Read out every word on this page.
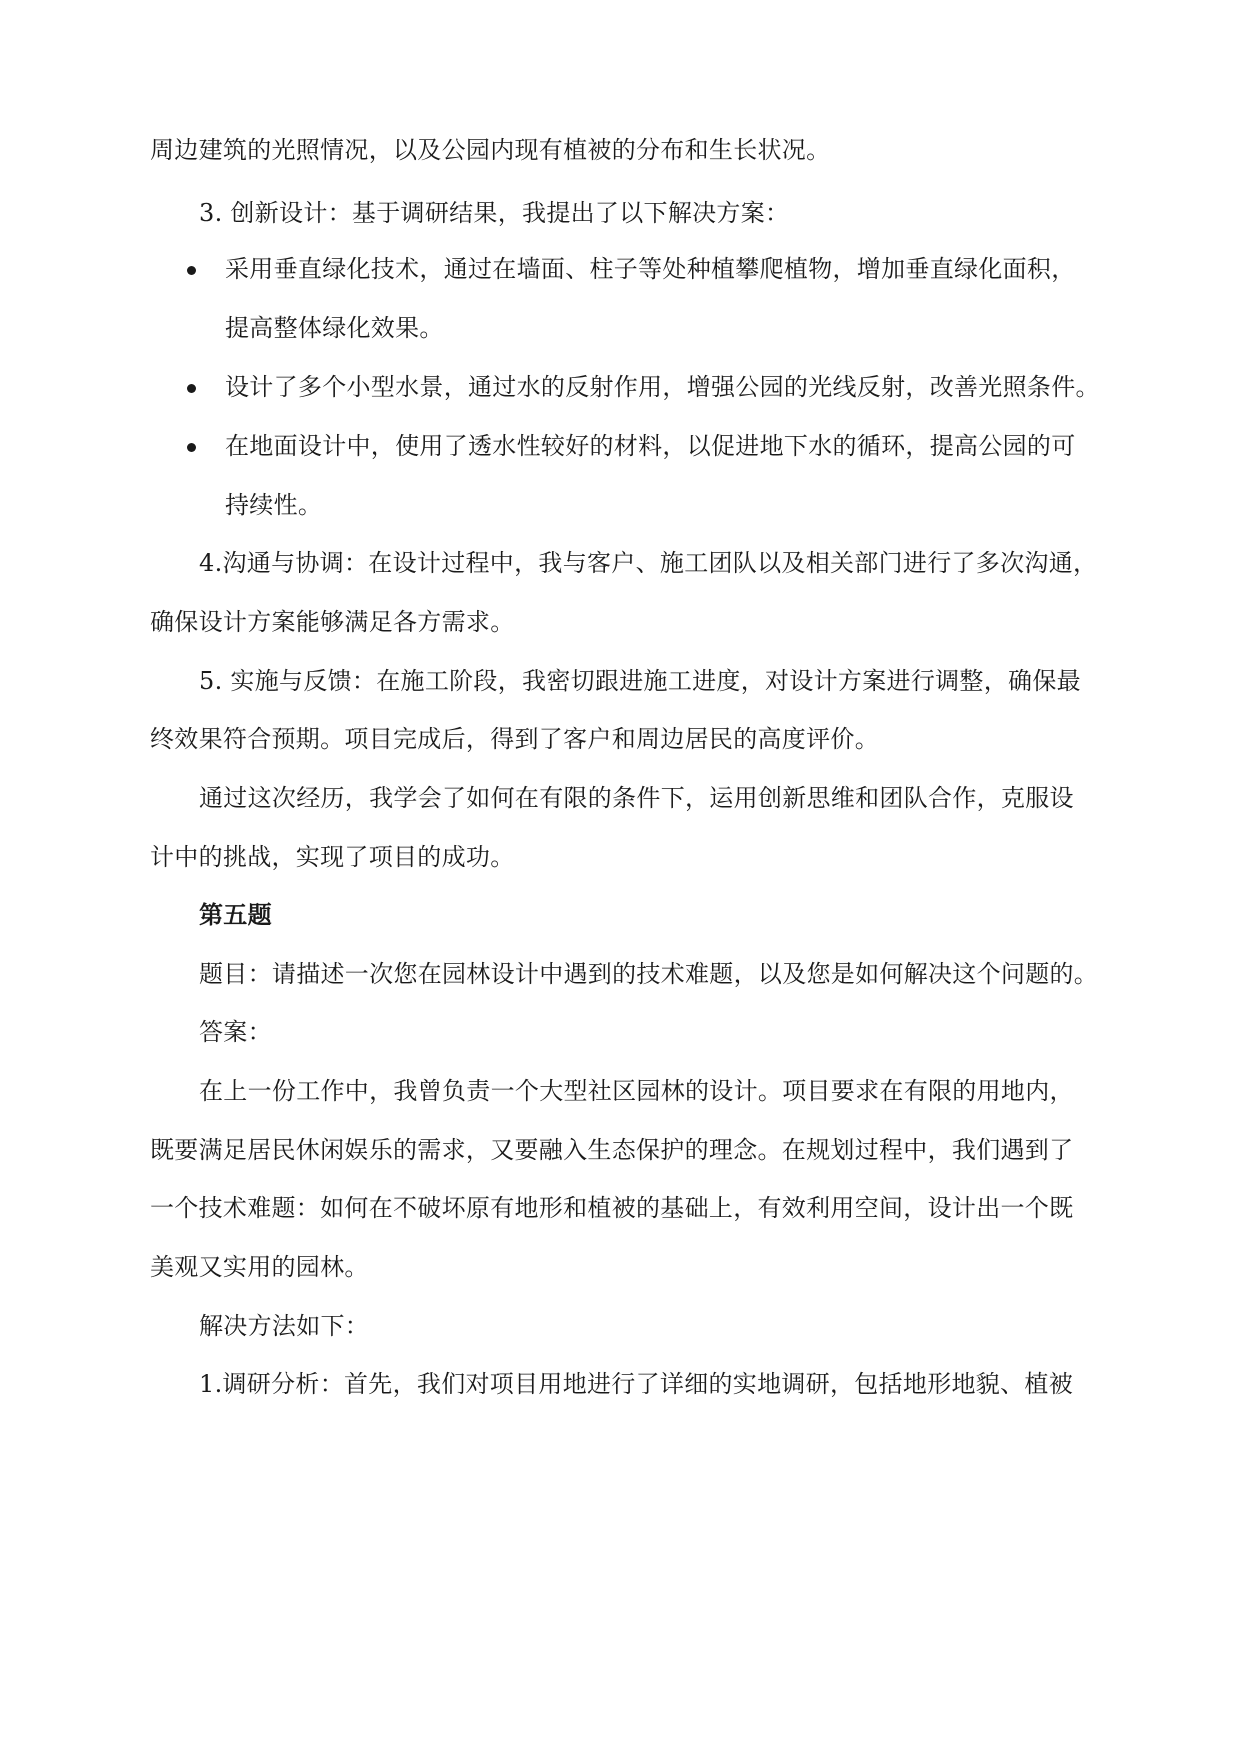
周边建筑的光照情况，以及公园内现有植被的分布和生长状况。
3. 创新设计：基于调研结果，我提出了以下解决方案：
采用垂直绿化技术，通过在墙面、柱子等处种植攀爬植物，增加垂直绿化面积，
提高整体绿化效果。
设计了多个小型水景，通过水的反射作用，增强公园的光线反射，改善光照条件。
在地面设计中，使用了透水性较好的材料，以促进地下水的循环，提高公园的可
持续性。
4.沟通与协调：在设计过程中，我与客户、施工团队以及相关部门进行了多次沟通，
确保设计方案能够满足各方需求。
5. 实施与反馈：在施工阶段，我密切跟进施工进度，对设计方案进行调整，确保最
终效果符合预期。项目完成后，得到了客户和周边居民的高度评价。
通过这次经历，我学会了如何在有限的条件下，运用创新思维和团队合作，克服设
计中的挑战，实现了项目的成功。
第五题
题目：请描述一次您在园林设计中遇到的技术难题，以及您是如何解决这个问题的。
答案：
在上一份工作中，我曾负责一个大型社区园林的设计。项目要求在有限的用地内，
既要满足居民休闲娱乐的需求，又要融入生态保护的理念。在规划过程中，我们遇到了
一个技术难题：如何在不破坏原有地形和植被的基础上，有效利用空间，设计出一个既
美观又实用的园林。
解决方法如下：
1.调研分析：首先，我们对项目用地进行了详细的实地调研，包括地形地貌、植被
